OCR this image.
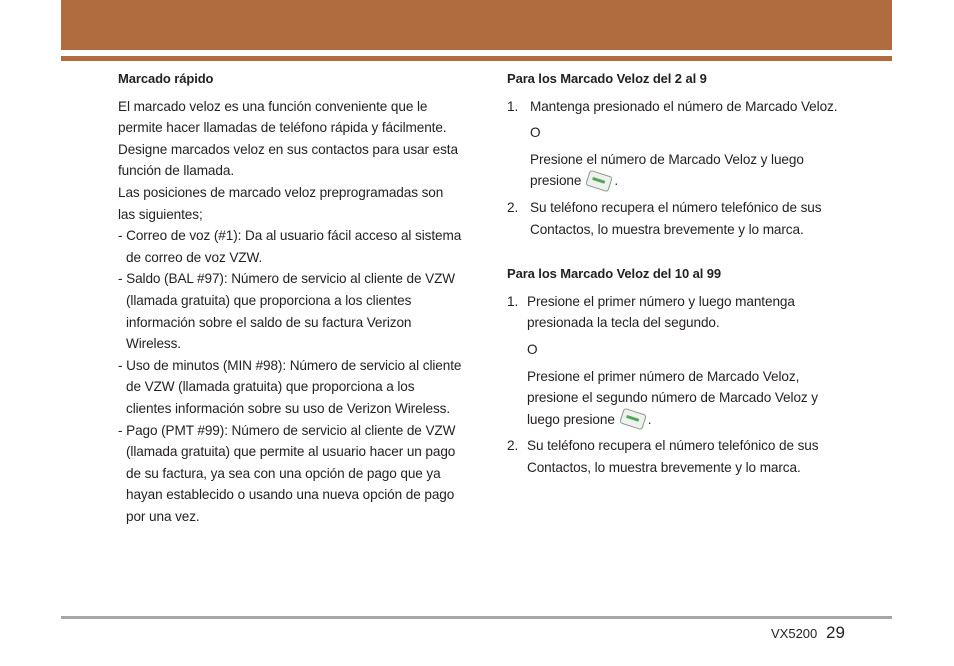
Marcado rápido

El marcado veloz es una función conveniente que le
permite hacer llamadas de teléfono rápida y fácilmente.
Designe marcados veloz en sus contactos para usar esta
función de llamada.

Las posiciones de marcado veloz preprogramadas son
las siguientes;

- Correo de voz (#1): Da al usuario fácil acceso al sistema
de correo de voz VZW.

- Saldo (BAL #97): Número de servicio al cliente de VZW
(llamada gratuita) que proporciona a los clientes
información sobre el saldo de su factura Verizon
Wireless.

- Uso de minutos (MIN #98): Número de servicio al cliente
de VZW (llamada gratuita) que proporciona a los
clientes información sobre su uso de Verizon Wireless.

- Pago (PMT #99): Número de servicio al cliente de VZW
(llamada gratuita) que permite al usuario hacer un pago
de su factura, ya sea con una opción de pago que ya
hayan establecido o usando una nueva opción de pago
por una vez.

Para los Marcado Veloz del 2 al 9

1. Mantenga presionado el número de Marcado Veloz.

O

Presione el número de Marcado Veloz y luego
presione .

2. Su teléfono recupera el número telefónico de sus
Contactos, lo muestra brevemente y lo marca.

Para los Marcado Veloz del 10 al 99

1. Presione el primer número y luego mantenga
presionada la tecla del segundo.

O

Presione el primer número de Marcado Veloz,
presione el segundo número de Marcado Veloz y
luego presione .

2. Su teléfono recupera el número telefónico de sus
Contactos, lo muestra brevemente y lo marca.
VX5200 29
